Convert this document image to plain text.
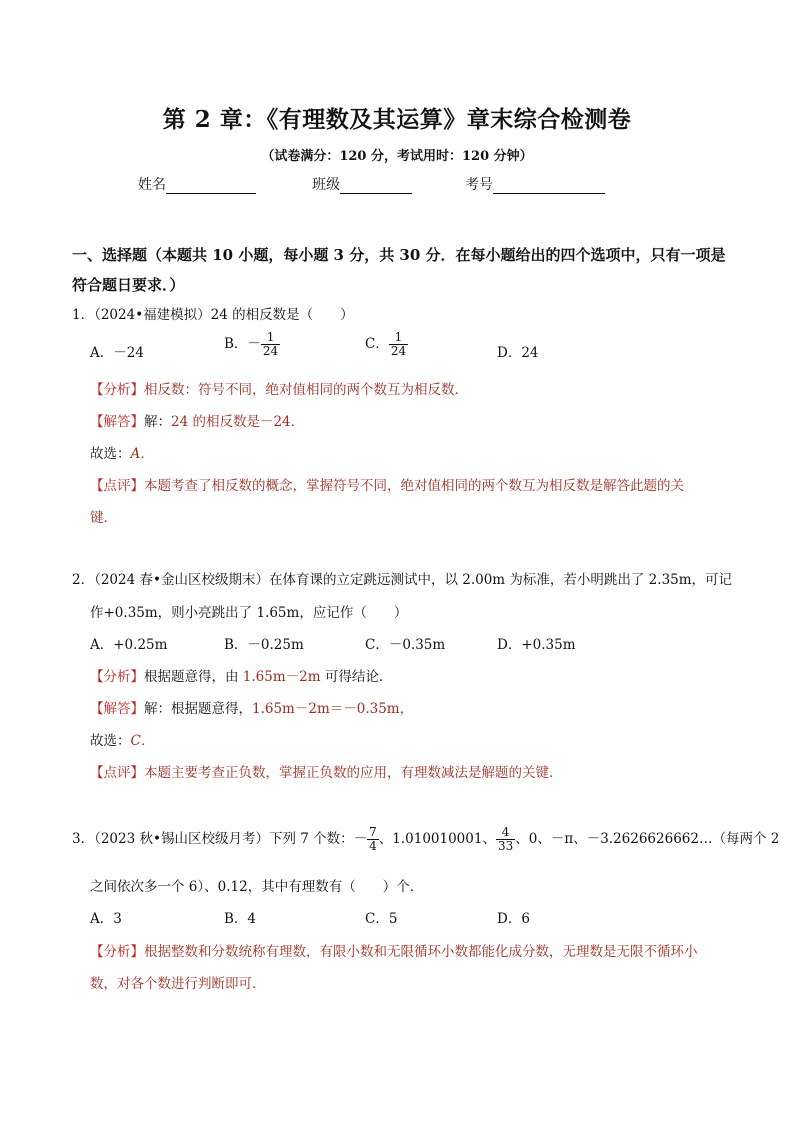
第 2 章：《有理数及其运算》章末综合检测卷
（试卷满分：120 分，考试用时：120 分钟）
姓名	班级	考号
一、选择题（本题共 10 小题，每小题 3 分，共 30 分．在每小题给出的四个选项中，只有一项是符合题日要求．）
1．（2024•福建模拟）24 的相反数是（　　）
A．－24
B．－ $\frac{1}{24}$	C． $\frac{1}{24}$	D．24
【分析】相反数：符号不同，绝对值相同的两个数互为相反数．
【解答】解：24 的相反数是－24．
故选：A．
【点评】本题考查了相反数的概念，掌握符号不同，绝对值相同的两个数互为相反数是解答此题的关
键．
2．（2024 春•金山区校级期末）在体育课的立定跳远测试中，以 2.00m 为标准，若小明跳出了 2.35m，可记
作+0.35m，则小亮跳出了 1.65m，应记作（　　）
A．+0.25m	B．－0.25m	C．－0.35m	D．+0.35m
【分析】根据题意得，由 1.65m－2m 可得结论．
【解答】解：根据题意得，1.65m－2m＝－0.35m，
故选：C．
【点评】本题主要考查正负数，掌握正负数的应用，有理数减法是解题的关键．
3．（2023 秋•锡山区校级月考）下列 7 个数：－ $\frac{7}{4}$ 、1.010010001、 $\frac{4}{33}$ 、0、－π、－3.2626626662…（每两个 2
之间依次多一个 6）、0.12̇，其中有理数有（　　）个．
A．3	B．4	C．5	D．6
【分析】根据整数和分数统称有理数，有限小数和无限循环小数都能化成分数，无理数是无限不循环小
数，对各个数进行判断即可．
